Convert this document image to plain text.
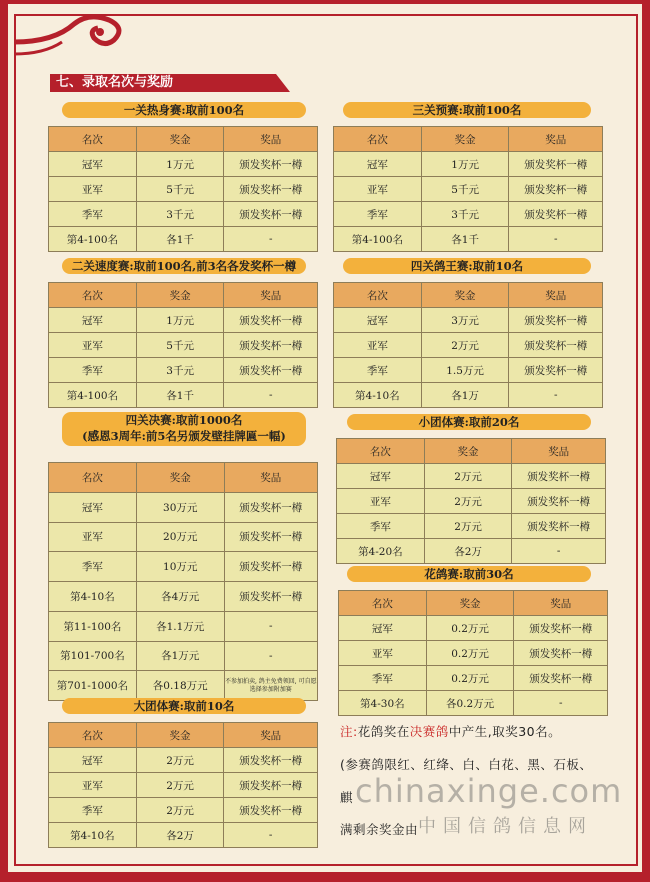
七、录取名次与奖励
一关热身赛:取前100名
名次	奖金	奖品
冠军	1万元	颁发奖杯一樽
亚军	5千元	颁发奖杯一樽
季军	3千元	颁发奖杯一樽
第4-100名	各1千	-
三关预赛:取前100名
名次	奖金	奖品
冠军	1万元	颁发奖杯一樽
亚军	5千元	颁发奖杯一樽
季军	3千元	颁发奖杯一樽
第4-100名	各1千	-
二关速度赛:取前100名,前3名各发奖杯一樽
名次	奖金	奖品
冠军	1万元	颁发奖杯一樽
亚军	5千元	颁发奖杯一樽
季军	3千元	颁发奖杯一樽
第4-100名	各1千	-
四关鸽王赛:取前10名
名次	奖金	奖品
冠军	3万元	颁发奖杯一樽
亚军	2万元	颁发奖杯一樽
季军	1.5万元	颁发奖杯一樽
第4-10名	各1万	-
四关决赛:取前1000名
(感恩3周年:前5名另颁发壁挂牌匾一幅)
名次	奖金	奖品
冠军	30万元	颁发奖杯一樽
亚军	20万元	颁发奖杯一樽
季军	10万元	颁发奖杯一樽
第4-10名	各4万元	颁发奖杯一樽
第11-100名	各1.1万元	-
第101-700名	各1万元	-
第701-1000名	各0.18万元	不参加拍卖, 鸽主免费领回, 可自愿选择参加附加赛
小团体赛:取前20名
名次	奖金	奖品
冠军	2万元	颁发奖杯一樽
亚军	2万元	颁发奖杯一樽
季军	2万元	颁发奖杯一樽
第4-20名	各2万	-
花鸽赛:取前30名
名次	奖金	奖品
冠军	0.2万元	颁发奖杯一樽
亚军	0.2万元	颁发奖杯一樽
季军	0.2万元	颁发奖杯一樽
第4-30名	各0.2万元	-
大团体赛:取前10名
名次	奖金	奖品
冠军	2万元	颁发奖杯一樽
亚军	2万元	颁发奖杯一樽
季军	2万元	颁发奖杯一樽
第4-10名	各2万	-
注:花鸽奖在决赛鸽中产生,取奖30名。
(参赛鸽限红、红绛、白、白花、黑、石板、
麒
满剩余奖金由
chinaxinge.com
中国信鸽信息网
